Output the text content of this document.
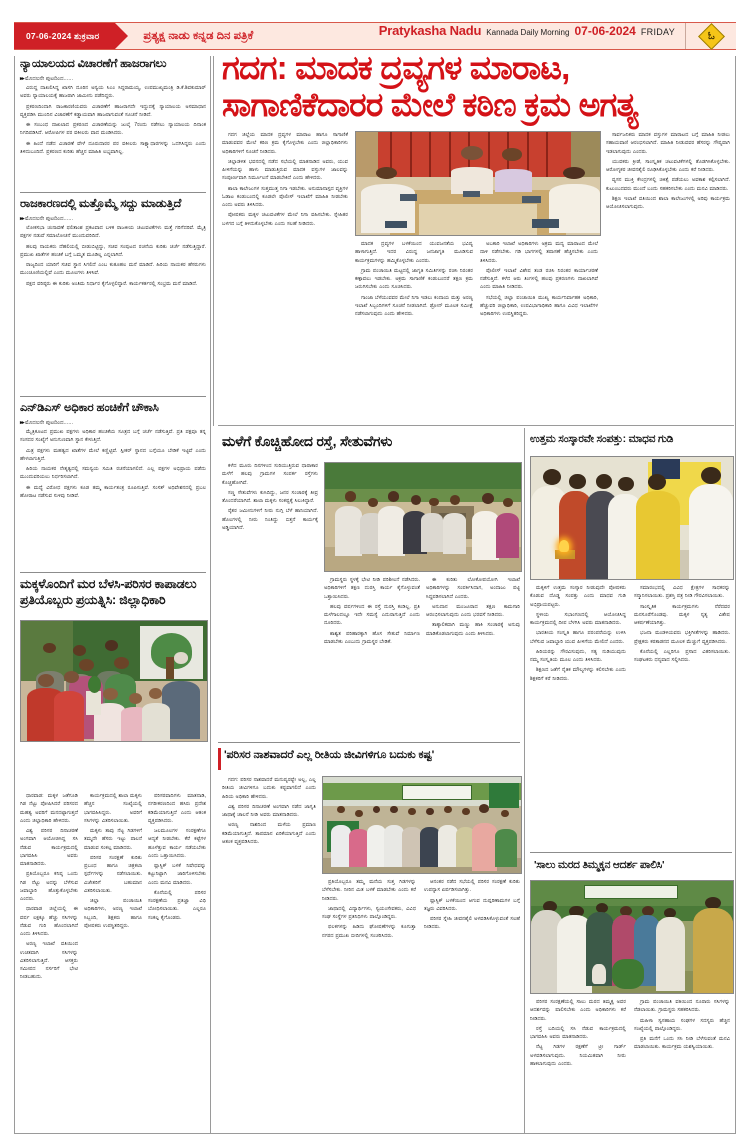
07-06-2024 ಶುಕ್ರವಾರ	ಪ್ರತ್ಯಕ್ಷ ನಾಡು ಕನ್ನಡ ದಿನ ಪತ್ರಿಕೆ	Pratykasha Nadu Kannada Daily Morning 07-06-2024 FRIDAY	ಓ
ಗದಗ: ಮಾದಕ ದ್ರವ್ಯಗಳ ಮಾರಾಟ,
ಸಾಗಾಣಿಕೆದಾರರ ಮೇಲೆ ಕಠಿಣ ಕ್ರಮ ಅಗತ್ಯ

ಗದಗ ಜಿಲ್ಲೆಯ ಮಾದಕ ದ್ರವ್ಯಗಳ ಮಾರಾಟ ಹಾಗೂ ಸಾಗಾಣಿಕೆ ಮಾಡುವವರ ಮೇಲೆ ಕಠಿಣ ಕ್ರಮ ಕೈಗೊಳ್ಳಬೇಕು ಎಂದು ಜಿಲ್ಲಾಧಿಕಾರಿಗಳು ಅಧಿಕಾರಿಗಳಿಗೆ ಸೂಚನೆ ನೀಡಿದರು.

ಜಿಲ್ಲಾಡಳಿತ ಭವನದಲ್ಲಿ ನಡೆದ ಸಭೆಯಲ್ಲಿ ಮಾತನಾಡಿದ ಅವರು, ಯುವ ಪೀಳಿಗೆಯನ್ನು ಹಾಳು ಮಾಡುತ್ತಿರುವ ಮಾದಕ ವಸ್ತುಗಳ ಜಾಲವನ್ನು ಸಂಪೂರ್ಣವಾಗಿ ನಿರ್ಮೂಲನೆ ಮಾಡಬೇಕಿದೆ ಎಂದು ಹೇಳಿದರು.

ಶಾಲಾ ಕಾಲೇಜುಗಳ ಸುತ್ತಮುತ್ತ ನಿಗಾ ಇಡಬೇಕು. ಅನುಮಾನಾಸ್ಪದ ವ್ಯಕ್ತಿಗಳ ಓಡಾಟ ಕಂಡುಬಂದಲ್ಲಿ ಕೂಡಲೇ ಪೊಲೀಸ್ ಇಲಾಖೆಗೆ ಮಾಹಿತಿ ನೀಡಬೇಕು ಎಂದು ಅವರು ತಿಳಿಸಿದರು.

ಪೋಷಕರು ಮಕ್ಕಳ ಚಟುವಟಿಕೆಗಳ ಮೇಲೆ ನಿಗಾ ವಹಿಸಬೇಕು. ಸ್ನೇಹಿತರ ಬಳಗದ ಬಗ್ಗೆ ತಿಳಿದುಕೊಳ್ಳಬೇಕು ಎಂದು ಸಲಹೆ ನೀಡಿದರು.

ಮಾದಕ ದ್ರವ್ಯಗಳ ಬಳಕೆಯಿಂದ ಯುವಜನತೆಯ ಭವಿಷ್ಯ ಹಾಳಾಗುತ್ತಿದೆ. ಇದರ ವಿರುದ್ಧ ಜನಜಾಗೃತಿ ಮೂಡಿಸುವ ಕಾರ್ಯಕ್ರಮಗಳನ್ನು ಹಮ್ಮಿಕೊಳ್ಳಬೇಕು ಎಂದರು.

ಗ್ರಾಮ ಪಂಚಾಯಿತಿ ಮಟ್ಟದಲ್ಲಿ ಜಾಗೃತಿ ಸಮಿತಿಗಳನ್ನು ರಚಿಸಿ ನಿರಂತರ ಕಣ್ಗಾವಲು ಇಡಬೇಕು. ಅಕ್ರಮ ಸಾಗಾಣಿಕೆ ಕಂಡುಬಂದರೆ ತಕ್ಷಣ ಕ್ರಮ ಜರುಗಿಸಬೇಕು ಎಂದು ಸೂಚಿಸಿದರು.

ಗಾಂಜಾ ಬೆಳೆಯುವವರ ಮೇಲೆ ನಿಗಾ ಇಡಲು ಕಂದಾಯ ಮತ್ತು ಅರಣ್ಯ ಇಲಾಖೆ ಸಿಬ್ಬಂದಿಗಳಿಗೆ ಸೂಚನೆ ನೀಡಲಾಗಿದೆ. ಡ್ರೋನ್ ಮೂಲಕ ಸಮೀಕ್ಷೆ ನಡೆಸಲಾಗುವುದು ಎಂದು ಹೇಳಿದರು.

ಅಬಕಾರಿ ಇಲಾಖೆ ಅಧಿಕಾರಿಗಳು ಅಕ್ರಮ ಮದ್ಯ ಮಾರಾಟದ ಮೇಲೆ ದಾಳಿ ನಡೆಸಬೇಕು. ಗಡಿ ಭಾಗಗಳಲ್ಲಿ ತಪಾಸಣೆ ಹೆಚ್ಚಿಸಬೇಕು ಎಂದು ತಿಳಿಸಿದರು.

ಪೊಲೀಸ್ ಇಲಾಖೆ ವಿಶೇಷ ತಂಡ ರಚಿಸಿ ನಿರಂತರ ಕಾರ್ಯಾಚರಣೆ ನಡೆಸುತ್ತಿದೆ. ಕಳೆದ ಆರು ತಿಂಗಳಲ್ಲಿ ಹಲವು ಪ್ರಕರಣಗಳು ದಾಖಲಾಗಿವೆ ಎಂದು ಮಾಹಿತಿ ನೀಡಿದರು.

ಸಭೆಯಲ್ಲಿ ಜಿಲ್ಲಾ ಪಂಚಾಯಿತಿ ಮುಖ್ಯ ಕಾರ್ಯನಿರ್ವಾಹಕ ಅಧಿಕಾರಿ, ಹೆಚ್ಚುವರಿ ಜಿಲ್ಲಾಧಿಕಾರಿ, ಉಪವಿಭಾಗಾಧಿಕಾರಿ ಹಾಗೂ ವಿವಿಧ ಇಲಾಖೆಗಳ ಅಧಿಕಾರಿಗಳು ಉಪಸ್ಥಿತರಿದ್ದರು.

ಸಾರ್ವಜನಿಕರು ಮಾದಕ ವಸ್ತುಗಳ ಮಾರಾಟದ ಬಗ್ಗೆ ಮಾಹಿತಿ ನೀಡಲು ಸಹಾಯವಾಣಿ ಆರಂಭಿಸಲಾಗಿದೆ. ಮಾಹಿತಿ ನೀಡುವವರ ಹೆಸರನ್ನು ಗೌಪ್ಯವಾಗಿ ಇಡಲಾಗುವುದು ಎಂದರು.

ಯುವಕರು ಕ್ರೀಡೆ, ಸಾಂಸ್ಕೃತಿಕ ಚಟುವಟಿಕೆಗಳಲ್ಲಿ ತೊಡಗಿಸಿಕೊಳ್ಳಬೇಕು. ಆರೋಗ್ಯಕರ ಜೀವನಶೈಲಿ ರೂಢಿಸಿಕೊಳ್ಳಬೇಕು ಎಂದು ಕರೆ ನೀಡಿದರು.

ವ್ಯಸನ ಮುಕ್ತಿ ಕೇಂದ್ರಗಳಲ್ಲಿ ಚಿಕಿತ್ಸೆ ಪಡೆಯಲು ಅವಕಾಶ ಕಲ್ಪಿಸಲಾಗಿದೆ. ಕುಟುಂಬದವರು ಮುಂದೆ ಬಂದು ಸಹಕರಿಸಬೇಕು ಎಂದು ಮನವಿ ಮಾಡಿದರು.

ಶಿಕ್ಷಣ ಇಲಾಖೆ ವತಿಯಿಂದ ಶಾಲಾ ಕಾಲೇಜುಗಳಲ್ಲಿ ಅರಿವು ಕಾರ್ಯಕ್ರಮ ಆಯೋಜಿಸಲಾಗುವುದು.

ನ್ಯಾಯಾಲಯದ ವಿಚಾರಣೆಗೆ ಹಾಜರಾಗಲು
▸▸ ಮೊದಲನೇ ಪುಟದಿಂದ......

ವಿರುದ್ಧ ದಾಖಲಿಸಿದ್ದ ಖಾಸಗಿ ದೂರಿನ ಅನ್ವಯ ಸಿಎಂ ಸಿದ್ದರಾಮಯ್ಯ, ಉಪಮುಖ್ಯಮಂತ್ರಿ ಡಿ.ಕೆ.ಶಿವಕುಮಾರ್ ಅವರು ನ್ಯಾಯಾಲಯಕ್ಕೆ ಹಾಜರಾಗಿ ಜಾಮೀನು ಪಡೆದಿದ್ದರು.

ಪ್ರಕರಣದಿಂದಾಗಿ ರಾಜಕಾರಣಿಯವರು ವಿಚಾರಣೆಗೆ ಹಾಜರಾಗದೇ ಇದ್ದುದಕ್ಕೆ ನ್ಯಾಯಾಲಯ ಅಸಮಾಧಾನ ವ್ಯಕ್ತಪಡಿಸಿ ಮುಂದಿನ ವಿಚಾರಣೆಗೆ ಕಡ್ಡಾಯವಾಗಿ ಹಾಜರಾಗುವಂತೆ ಸೂಚನೆ ನೀಡಿದೆ.

ಈ ಸಂಬಂಧ ದಾಖಲಾದ ಪ್ರಕರಣದ ವಿಚಾರಣೆಯನ್ನು ಜುಲೈ 7ರಂದು ನಡೆಸಲು ನ್ಯಾಯಾಲಯ ದಿನಾಂಕ ನಿಗದಿಪಡಿಸಿದೆ. ಆರೋಪಿಗಳ ಪರ ವಕೀಲರು ವಾದ ಮಂಡಿಸಿದರು.

ಈ ಹಿಂದೆ ನಡೆದ ವಿಚಾರಣೆ ವೇಳೆ ದೂರುದಾರರ ಪರ ವಕೀಲರು ಸಾಕ್ಷ್ಯಾಧಾರಗಳನ್ನು ಒದಗಿಸಿದ್ದರು ಎಂದು ತಿಳಿದುಬಂದಿದೆ. ಪ್ರಕರಣದ ಕುರಿತು ಹೆಚ್ಚಿನ ಮಾಹಿತಿ ಲಭ್ಯವಾಗಿಲ್ಲ.

ರಾಜಕಾರಣದಲ್ಲಿ ಮತ್ತೊಮ್ಮೆ ಸದ್ದು ಮಾಡುತ್ತಿದೆ
▸▸ ಮೊದಲನೇ ಪುಟದಿಂದ......

ಲೋಕಸಭಾ ಚುನಾವಣೆ ಫಲಿತಾಂಶ ಪ್ರಕಟವಾದ ಬಳಿಕ ರಾಜಕೀಯ ಚಟುವಟಿಕೆಗಳು ಮತ್ತೆ ಗರಿಗೆದರಿವೆ. ಮೈತ್ರಿ ಪಕ್ಷಗಳ ನಡುವೆ ಸಮಾಲೋಚನೆ ಮುಂದುವರಿದಿದೆ.

ಹಲವು ನಾಯಕರು ದೆಹಲಿಯಲ್ಲಿ ಬೀಡುಬಿಟ್ಟಿದ್ದು, ಸಚಿವ ಸಂಪುಟದ ರಚನೆಯ ಕುರಿತು ಚರ್ಚೆ ನಡೆಸುತ್ತಿದ್ದಾರೆ. ಪ್ರಮುಖ ಖಾತೆಗಳ ಹಂಚಿಕೆ ಬಗ್ಗೆ ಒಮ್ಮತ ಮೂಡಿಲ್ಲ ಎನ್ನಲಾಗಿದೆ.

ರಾಜ್ಯದಿಂದ ಯಾರಿಗೆ ಸಚಿವ ಸ್ಥಾನ ಸಿಗಲಿದೆ ಎಂಬ ಕುತೂಹಲ ಮನೆ ಮಾಡಿದೆ. ಹಿರಿಯ ನಾಯಕರ ಹೆಸರುಗಳು ಮುಂಚೂಣಿಯಲ್ಲಿವೆ ಎಂದು ಮೂಲಗಳು ತಿಳಿಸಿವೆ.

ಪಕ್ಷದ ವರಿಷ್ಠರು ಈ ಕುರಿತು ಅಂತಿಮ ನಿರ್ಧಾರ ಕೈಗೊಳ್ಳಲಿದ್ದಾರೆ. ಕಾರ್ಯಕರ್ತರಲ್ಲಿ ಸಂಭ್ರಮ ಮನೆ ಮಾಡಿದೆ.

ಎನ್‌ಡಿಎಸ್ ಅಧಿಕಾರ ಹಂಚಿಕೆಗೆ ಚೌಕಾಸಿ
▸▸ ಮೊದಲನೇ ಪುಟದಿಂದ......

ಮೈತ್ರಿಕೂಟದ ಪ್ರಮುಖ ಪಕ್ಷಗಳು ಅಧಿಕಾರ ಹಂಚಿಕೆಯ ಸೂತ್ರದ ಬಗ್ಗೆ ಚರ್ಚೆ ನಡೆಸುತ್ತಿವೆ. ಪ್ರತಿ ಪಕ್ಷವೂ ತನ್ನ ಸಂಸದರ ಸಂಖ್ಯೆಗೆ ಅನುಗುಣವಾಗಿ ಸ್ಥಾನ ಕೇಳುತ್ತಿದೆ.

ಮಿತ್ರ ಪಕ್ಷಗಳು ಮಹತ್ವದ ಖಾತೆಗಳ ಮೇಲೆ ಕಣ್ಣಿಟ್ಟಿವೆ. ಸ್ಪೀಕರ್ ಸ್ಥಾನದ ಬಗ್ಗೆಯೂ ಬೇಡಿಕೆ ಇಟ್ಟಿವೆ ಎಂದು ಹೇಳಲಾಗುತ್ತಿದೆ.

ಹಿರಿಯ ನಾಯಕರ ನೇತೃತ್ವದಲ್ಲಿ ಸಮನ್ವಯ ಸಮಿತಿ ರಚನೆಯಾಗಲಿದೆ. ಎಲ್ಲ ಪಕ್ಷಗಳ ಅಭಿಪ್ರಾಯ ಪಡೆದು ಮುಂದುವರಿಯಲು ನಿರ್ಧರಿಸಲಾಗಿದೆ.

ಈ ಮಧ್ಯೆ ವಿರೋಧ ಪಕ್ಷಗಳು ಕೂಡ ತಮ್ಮ ಕಾರ್ಯತಂತ್ರ ರೂಪಿಸುತ್ತಿವೆ. ಸಂಸತ್ ಅಧಿವೇಶನದಲ್ಲಿ ಪ್ರಬಲ ಹೋರಾಟ ನಡೆಸುವ ಸುಳಿವು ನೀಡಿವೆ.

ಮಕ್ಕಳೊಂದಿಗೆ ಮರ ಬೆಳಸಿ-ಪರಿಸರ ಕಾಪಾಡಲು
ಪ್ರತಿಯೊಬ್ಬರು ಪ್ರಯತ್ನಿಸಿ: ಜಿಲ್ಲಾಧಿಕಾರಿ

ಧಾರವಾಡ: ಮಕ್ಕಳ ಜತೆಗೂಡಿ ಗಿಡ ನೆಟ್ಟು ಪೋಷಿಸಿದರೆ ಪರಿಸರದ ಮಹತ್ವ ಅವರಿಗೆ ಮನದಟ್ಟಾಗುತ್ತದೆ ಎಂದು ಜಿಲ್ಲಾಧಿಕಾರಿ ಹೇಳಿದರು.

ವಿಶ್ವ ಪರಿಸರ ದಿನಾಚರಣೆ ಅಂಗವಾಗಿ ಆಯೋಜಿಸಿದ್ದ ಸಸಿ ನೆಡುವ ಕಾರ್ಯಕ್ರಮದಲ್ಲಿ ಭಾಗವಹಿಸಿ ಅವರು ಮಾತನಾಡಿದರು.

ಪ್ರತಿಯೊಬ್ಬರೂ ಕನಿಷ್ಠ ಒಂದು ಗಿಡ ನೆಟ್ಟು ಅದನ್ನು ಬೆಳೆಸುವ ಜವಾಬ್ದಾರಿ ಹೊತ್ತುಕೊಳ್ಳಬೇಕು ಎಂದರು.

ಧಾರವಾಡ ಜಿಲ್ಲೆಯಲ್ಲಿ ಈ ವರ್ಷ ಲಕ್ಷಕ್ಕೂ ಹೆಚ್ಚು ಸಸಿಗಳನ್ನು ನೆಡುವ ಗುರಿ ಹೊಂದಲಾಗಿದೆ ಎಂದು ತಿಳಿಸಿದರು.

ಅರಣ್ಯ ಇಲಾಖೆ ವತಿಯಿಂದ ಉಚಿತವಾಗಿ ಸಸಿಗಳನ್ನು ವಿತರಿಸಲಾಗುತ್ತಿದೆ. ಆಸಕ್ತರು ಸಮೀಪದ ನರ್ಸರಿಗೆ ಭೇಟಿ ನೀಡಬಹುದು.

ಕಾರ್ಯಕ್ರಮದಲ್ಲಿ ಶಾಲಾ ಮಕ್ಕಳು ಹೆಚ್ಚಿನ ಸಂಖ್ಯೆಯಲ್ಲಿ ಭಾಗವಹಿಸಿದ್ದರು. ಅವರಿಗೆ ಸಸಿಗಳನ್ನು ವಿತರಿಸಲಾಯಿತು.

ಮಕ್ಕಳು ತಾವು ನೆಟ್ಟ ಗಿಡಗಳಿಗೆ ತಮ್ಮದೇ ಹೆಸರು ಇಟ್ಟು ಪಾಲನೆ ಮಾಡುವ ಸಂಕಲ್ಪ ಮಾಡಿದರು.

ಪರಿಸರ ಸಂರಕ್ಷಣೆ ಕುರಿತು ಪ್ರಬಂಧ ಹಾಗೂ ಚಿತ್ರಕಲಾ ಸ್ಪರ್ಧೆಗಳನ್ನು ನಡೆಸಲಾಯಿತು. ವಿಜೇತರಿಗೆ ಬಹುಮಾನ ವಿತರಿಸಲಾಯಿತು.

ಜಿಲ್ಲಾ ಪಂಚಾಯಿತಿ ಅಧಿಕಾರಿಗಳು, ಅರಣ್ಯ ಇಲಾಖೆ ಸಿಬ್ಬಂದಿ, ಶಿಕ್ಷಕರು ಹಾಗೂ ಪೋಷಕರು ಉಪಸ್ಥಿತರಿದ್ದರು.

ಪರಿಸರವಾದಿಗಳು ಮಾತನಾಡಿ, ನಗರೀಕರಣದಿಂದ ಹಸಿರು ಪ್ರದೇಶ ಕಡಿಮೆಯಾಗುತ್ತಿದೆ ಎಂದು ಆತಂಕ ವ್ಯಕ್ತಪಡಿಸಿದರು.

ಜಲಮೂಲಗಳ ಸಂರಕ್ಷಣೆಗೂ ಆದ್ಯತೆ ನೀಡಬೇಕು. ಕೆರೆ ಕಟ್ಟೆಗಳ ಹೂಳೆತ್ತುವ ಕಾರ್ಯ ನಡೆಯಬೇಕು ಎಂದು ಒತ್ತಾಯಿಸಿದರು.

ಪ್ಲಾಸ್ಟಿಕ್ ಬಳಕೆ ನಿಷೇಧವನ್ನು ಕಟ್ಟುನಿಟ್ಟಾಗಿ ಜಾರಿಗೊಳಿಸಬೇಕು ಎಂದು ಮನವಿ ಮಾಡಿದರು.

ಕೊನೆಯಲ್ಲಿ ಪರಿಸರ ಸಂರಕ್ಷಣೆಯ ಪ್ರತಿಜ್ಞಾ ವಿಧಿ ಬೋಧಿಸಲಾಯಿತು. ಎಲ್ಲರೂ ಸಂಕಲ್ಪ ಕೈಗೊಂಡರು.

ಮಳೆಗೆ ಕೊಚ್ಚಿಹೋದ ರಸ್ತೆ, ಸೇತುವೆಗಳು

ಕಳೆದ ಮೂರು ದಿನಗಳಿಂದ ಸುರಿಯುತ್ತಿರುವ ಧಾರಾಕಾರ ಮಳೆಗೆ ಹಲವು ಗ್ರಾಮಗಳ ಸಂಪರ್ಕ ರಸ್ತೆಗಳು ಕೊಚ್ಚಿಹೋಗಿವೆ.

ಸಣ್ಣ ಸೇತುವೆಗಳು ಕುಸಿದಿದ್ದು, ಜನರ ಸಂಚಾರಕ್ಕೆ ತೀವ್ರ ತೊಂದರೆಯಾಗಿದೆ. ಶಾಲಾ ಮಕ್ಕಳು ಸಂಕಷ್ಟಕ್ಕೆ ಸಿಲುಕಿದ್ದಾರೆ.

ರೈತರ ಜಮೀನುಗಳಿಗೆ ನೀರು ನುಗ್ಗಿ ಬೆಳೆ ಹಾನಿಯಾಗಿದೆ. ಹೊಲಗಳಲ್ಲಿ ನೀರು ನಿಂತಿದ್ದು ಬಿತ್ತನೆ ಕಾರ್ಯಕ್ಕೆ ಅಡ್ಡಿಯಾಗಿದೆ.

ಗ್ರಾಮಸ್ಥರು ಸ್ಥಳಕ್ಕೆ ಭೇಟಿ ನೀಡಿ ಪರಿಶೀಲನೆ ನಡೆಸಿದರು. ಅಧಿಕಾರಿಗಳಿಗೆ ತಕ್ಷಣ ದುರಸ್ತಿ ಕಾರ್ಯ ಕೈಗೊಳ್ಳುವಂತೆ ಒತ್ತಾಯಿಸಿದರು.

ಹಲವು ವರ್ಷಗಳಿಂದ ಈ ರಸ್ತೆ ದುರಸ್ತಿ ಕಂಡಿಲ್ಲ. ಪ್ರತಿ ಮಳೆಗಾಲದಲ್ಲೂ ಇದೇ ಸಮಸ್ಯೆ ಎದುರಾಗುತ್ತಿದೆ ಎಂದು ದೂರಿದರು.

ಶಾಶ್ವತ ಪರಿಹಾರಕ್ಕಾಗಿ ಹೊಸ ಸೇತುವೆ ನಿರ್ಮಾಣ ಮಾಡಬೇಕು ಎಂಬುದು ಗ್ರಾಮಸ್ಥರ ಬೇಡಿಕೆ.

ಈ ಕುರಿತು ಲೋಕೋಪಯೋಗಿ ಇಲಾಖೆ ಅಧಿಕಾರಿಗಳನ್ನು ಸಂಪರ್ಕಿಸಿದಾಗ, ಅಂದಾಜು ಪಟ್ಟಿ ಸಿದ್ಧಪಡಿಸಲಾಗಿದೆ ಎಂದರು.

ಅನುದಾನ ಮಂಜೂರಾದ ತಕ್ಷಣ ಕಾಮಗಾರಿ ಆರಂಭಿಸಲಾಗುವುದು ಎಂದು ಭರವಸೆ ನೀಡಿದರು.

ತಾತ್ಕಾಲಿಕವಾಗಿ ಮಣ್ಣು ಹಾಕಿ ಸಂಚಾರಕ್ಕೆ ಅನುವು ಮಾಡಿಕೊಡಲಾಗುವುದು ಎಂದು ತಿಳಿಸಿದರು.

'ಪರಿಸರ ನಾಶವಾದರೆ ಎಲ್ಲ ರೀತಿಯ ಜೀವಿಗಳಿಗೂ ಬದುಕು ಕಷ್ಟ'

ಗದಗ: ಪರಿಸರ ನಾಶವಾದರೆ ಮನುಷ್ಯರಷ್ಟೇ ಅಲ್ಲ, ಎಲ್ಲ ರೀತಿಯ ಜೀವಿಗಳಿಗೂ ಬದುಕು ಕಷ್ಟವಾಗಲಿದೆ ಎಂದು ಹಿರಿಯ ಅಧಿಕಾರಿ ಹೇಳಿದರು.

ವಿಶ್ವ ಪರಿಸರ ದಿನಾಚರಣೆ ಅಂಗವಾಗಿ ನಡೆದ ಜಾಗೃತಿ ಜಾಥಾಕ್ಕೆ ಚಾಲನೆ ನೀಡಿ ಅವರು ಮಾತನಾಡಿದರು.

ಅರಣ್ಯ ನಾಶದಿಂದ ಮಳೆಯ ಪ್ರಮಾಣ ಕಡಿಮೆಯಾಗುತ್ತಿದೆ. ತಾಪಮಾನ ಏರಿಕೆಯಾಗುತ್ತಿದೆ ಎಂದು ಆತಂಕ ವ್ಯಕ್ತಪಡಿಸಿದರು.

ಪ್ರತಿಯೊಬ್ಬರೂ ತಮ್ಮ ಮನೆಯ ಸುತ್ತ ಗಿಡಗಳನ್ನು ಬೆಳೆಸಬೇಕು. ನೀರಿನ ಮಿತ ಬಳಕೆ ಮಾಡಬೇಕು ಎಂದು ಕರೆ ನೀಡಿದರು.

ಜಾಥಾದಲ್ಲಿ ವಿದ್ಯಾರ್ಥಿಗಳು, ಸ್ವಯಂಸೇವಕರು, ವಿವಿಧ ಸಂಘ ಸಂಸ್ಥೆಗಳ ಪ್ರತಿನಿಧಿಗಳು ಪಾಲ್ಗೊಂಡಿದ್ದರು.

ಫಲಕಗಳನ್ನು ಹಿಡಿದು ಘೋಷಣೆಗಳನ್ನು ಕೂಗುತ್ತಾ ನಗರದ ಪ್ರಮುಖ ಬೀದಿಗಳಲ್ಲಿ ಸಂಚರಿಸಿದರು.

ಆನಂತರ ನಡೆದ ಸಭೆಯಲ್ಲಿ ಪರಿಸರ ಸಂರಕ್ಷಣೆ ಕುರಿತು ಉಪನ್ಯಾಸ ಏರ್ಪಡಿಸಲಾಗಿತ್ತು.

ಪ್ಲಾಸ್ಟಿಕ್ ಬಳಕೆಯಿಂದ ಆಗುವ ದುಷ್ಪರಿಣಾಮಗಳ ಬಗ್ಗೆ ತಜ್ಞರು ವಿವರಿಸಿದರು.

ಪರಿಸರ ಸ್ನೇಹಿ ಜೀವನಶೈಲಿ ಅಳವಡಿಸಿಕೊಳ್ಳುವಂತೆ ಸಲಹೆ ನೀಡಿದರು.

ಉತ್ತಮ ಸಂಸ್ಕಾರವೇ ಸಂಪತ್ತು: ಮಾಧವ ಗುಡಿ

ಮಕ್ಕಳಿಗೆ ಉತ್ತಮ ಸಂಸ್ಕಾರ ನೀಡುವುದೇ ಪೋಷಕರು ಕೊಡುವ ದೊಡ್ಡ ಸಂಪತ್ತು ಎಂದು ಮಾಧವ ಗುಡಿ ಅಭಿಪ್ರಾಯಪಟ್ಟರು.

ಸ್ಥಳೀಯ ಸಭಾಂಗಣದಲ್ಲಿ ಆಯೋಜಿಸಿದ್ದ ಕಾರ್ಯಕ್ರಮದಲ್ಲಿ ದೀಪ ಬೆಳಗಿಸಿ ಅವರು ಮಾತನಾಡಿದರು.

ಭಾರತೀಯ ಸಂಸ್ಕೃತಿ ಹಾಗೂ ಪರಂಪರೆಯನ್ನು ಉಳಿಸಿ ಬೆಳೆಸುವ ಜವಾಬ್ದಾರಿ ಯುವ ಪೀಳಿಗೆಯ ಮೇಲಿದೆ ಎಂದರು.

ಹಿರಿಯರನ್ನು ಗೌರವಿಸುವುದು, ಸತ್ಯ ನುಡಿಯುವುದು ನಮ್ಮ ಸಂಸ್ಕೃತಿಯ ಮೂಲ ಎಂದು ತಿಳಿಸಿದರು.

ಶಿಕ್ಷಣದ ಜತೆಗೆ ನೈತಿಕ ಮೌಲ್ಯಗಳನ್ನು ಕಲಿಸಬೇಕು ಎಂದು ಶಿಕ್ಷಕರಿಗೆ ಕರೆ ನೀಡಿದರು.

ಸಮಾರಂಭದಲ್ಲಿ ವಿವಿಧ ಕ್ಷೇತ್ರಗಳ ಸಾಧಕರನ್ನು ಸನ್ಮಾನಿಸಲಾಯಿತು. ಪ್ರಶಸ್ತಿ ಪತ್ರ ನೀಡಿ ಗೌರವಿಸಲಾಯಿತು.

ಸಾಂಸ್ಕೃತಿಕ ಕಾರ್ಯಕ್ರಮಗಳು ನೆರೆದವರ ಮನಸೂರೆಗೊಂಡವು. ಮಕ್ಕಳ ನೃತ್ಯ ವಿಶೇಷ ಆಕರ್ಷಣೆಯಾಗಿತ್ತು.

ಭಜನಾ ಮಂಡಳಿಯವರು ಭಕ್ತಿಗೀತೆಗಳನ್ನು ಹಾಡಿದರು. ಪ್ರೇಕ್ಷಕರು ಕರತಾಡನದ ಮೂಲಕ ಮೆಚ್ಚುಗೆ ವ್ಯಕ್ತಪಡಿಸಿದರು.

ಕೊನೆಯಲ್ಲಿ ಎಲ್ಲರಿಗೂ ಪ್ರಸಾದ ವಿತರಿಸಲಾಯಿತು. ಸಂಘಟಕರು ಧನ್ಯವಾದ ಸಲ್ಲಿಸಿದರು.

'ಸಾಲು ಮರದ ತಿಮ್ಮಕ್ಕನ ಆದರ್ಶ ಪಾಲಿಸಿ'

ಪರಿಸರ ಸಂರಕ್ಷಣೆಯಲ್ಲಿ ಸಾಲು ಮರದ ತಿಮ್ಮಕ್ಕ ಅವರ ಆದರ್ಶವನ್ನು ಪಾಲಿಸಬೇಕು ಎಂದು ಅಧಿಕಾರಿಗಳು ಕರೆ ನೀಡಿದರು.

ರಸ್ತೆ ಬದಿಯಲ್ಲಿ ಸಸಿ ನೆಡುವ ಕಾರ್ಯಕ್ರಮದಲ್ಲಿ ಭಾಗವಹಿಸಿ ಅವರು ಮಾತನಾಡಿದರು.

ನೆಟ್ಟ ಗಿಡಗಳ ರಕ್ಷಣೆಗೆ ಟ್ರೀ ಗಾರ್ಡ್ ಅಳವಡಿಸಲಾಗುವುದು. ನಿಯಮಿತವಾಗಿ ನೀರು ಹಾಕಲಾಗುವುದು ಎಂದರು.

ಗ್ರಾಮ ಪಂಚಾಯಿತಿ ವತಿಯಿಂದ ನೂರಾರು ಸಸಿಗಳನ್ನು ನೆಡಲಾಯಿತು. ಗ್ರಾಮಸ್ಥರು ಸಹಕರಿಸಿದರು.

ಮಹಿಳಾ ಸ್ವಸಹಾಯ ಸಂಘಗಳ ಸದಸ್ಯರು ಹೆಚ್ಚಿನ ಸಂಖ್ಯೆಯಲ್ಲಿ ಪಾಲ್ಗೊಂಡಿದ್ದರು.

ಪ್ರತಿ ಮನೆಗೆ ಒಂದು ಸಸಿ ನೀಡಿ ಬೆಳೆಸುವಂತೆ ಮನವಿ ಮಾಡಲಾಯಿತು. ಕಾರ್ಯಕ್ರಮ ಯಶಸ್ವಿಯಾಯಿತು.
